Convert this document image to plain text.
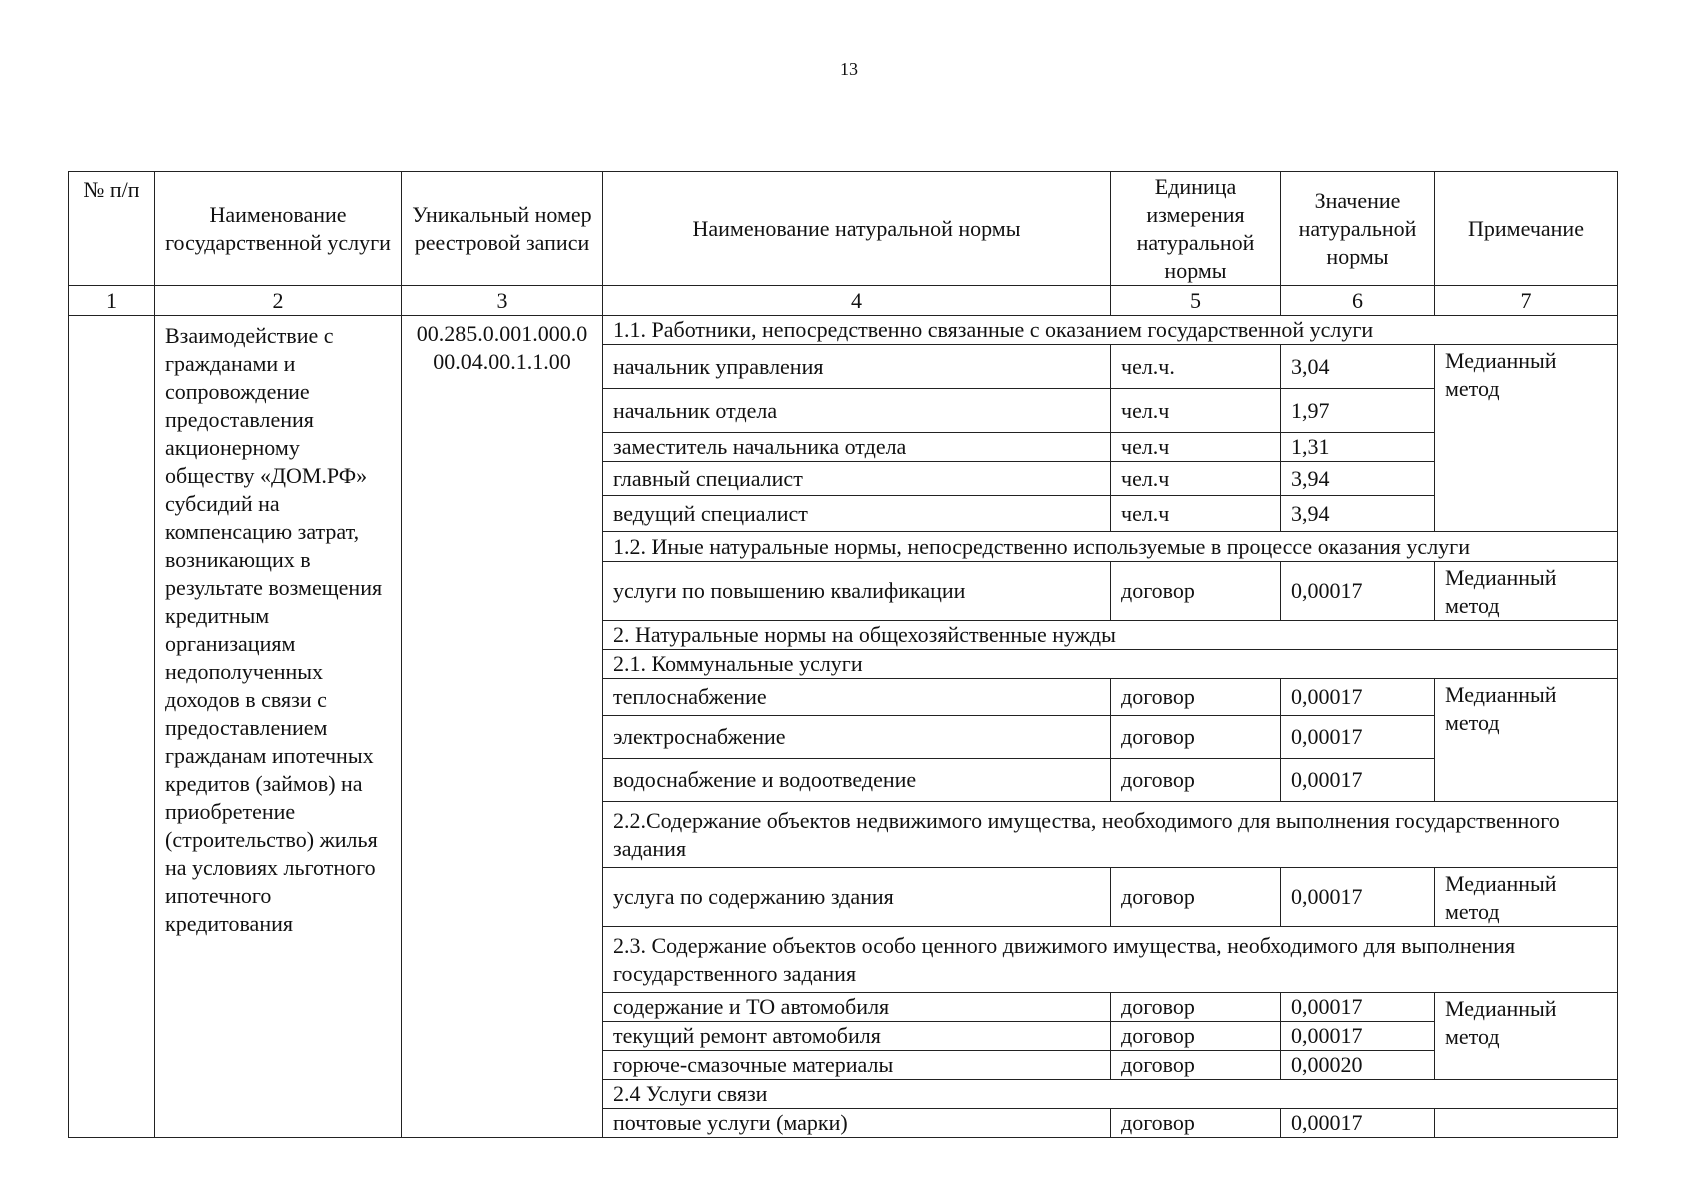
13
№ п/п	Наименование государственной услуги	Уникальный номер реестровой записи	Наименование натуральной нормы	Единица измерения натуральной нормы	Значение натуральной нормы	Примечание
1	2	3	4	5	6	7
	Взаимодействие с гражданами и сопровождение предоставления акционерному обществу «ДОМ.РФ» субсидий на компенсацию затрат, возникающих в результате возмещения кредитным организациям недополученных доходов в связи с предоставлением гражданам ипотечных кредитов (займов) на приобретение (строительство) жилья на условиях льготного ипотечного кредитования	00.285.0.001.000.0 00.04.00.1.1.00	1.1. Работники, непосредственно связанные с оказанием государственной услуги			
			начальник управления	чел.ч.	3,04	Медианный метод
			начальник отдела	чел.ч	1,97	
			заместитель начальника отдела	чел.ч	1,31	
			главный специалист	чел.ч	3,94	
			ведущий специалист	чел.ч	3,94	
			1.2. Иные натуральные нормы, непосредственно используемые в процессе оказания услуги			
			услуги по повышению квалификации	договор	0,00017	Медианный метод
			2. Натуральные нормы на общехозяйственные нужды			
			2.1. Коммунальные услуги			
			теплоснабжение	договор	0,00017	Медианный метод
			электроснабжение	договор	0,00017	
			водоснабжение и водоотведение	договор	0,00017	
			2.2.Содержание объектов недвижимого имущества, необходимого для выполнения государственного задания			
			услуга по содержанию здания	договор	0,00017	Медианный метод
			2.3. Содержание объектов особо ценного движимого имущества, необходимого для выполнения государственного задания			
			содержание и ТО автомобиля	договор	0,00017	Медианный метод
			текущий ремонт автомобиля	договор	0,00017	
			горюче-смазочные материалы	договор	0,00020	
			2.4 Услуги связи			
			почтовые услуги (марки)	договор	0,00017	
